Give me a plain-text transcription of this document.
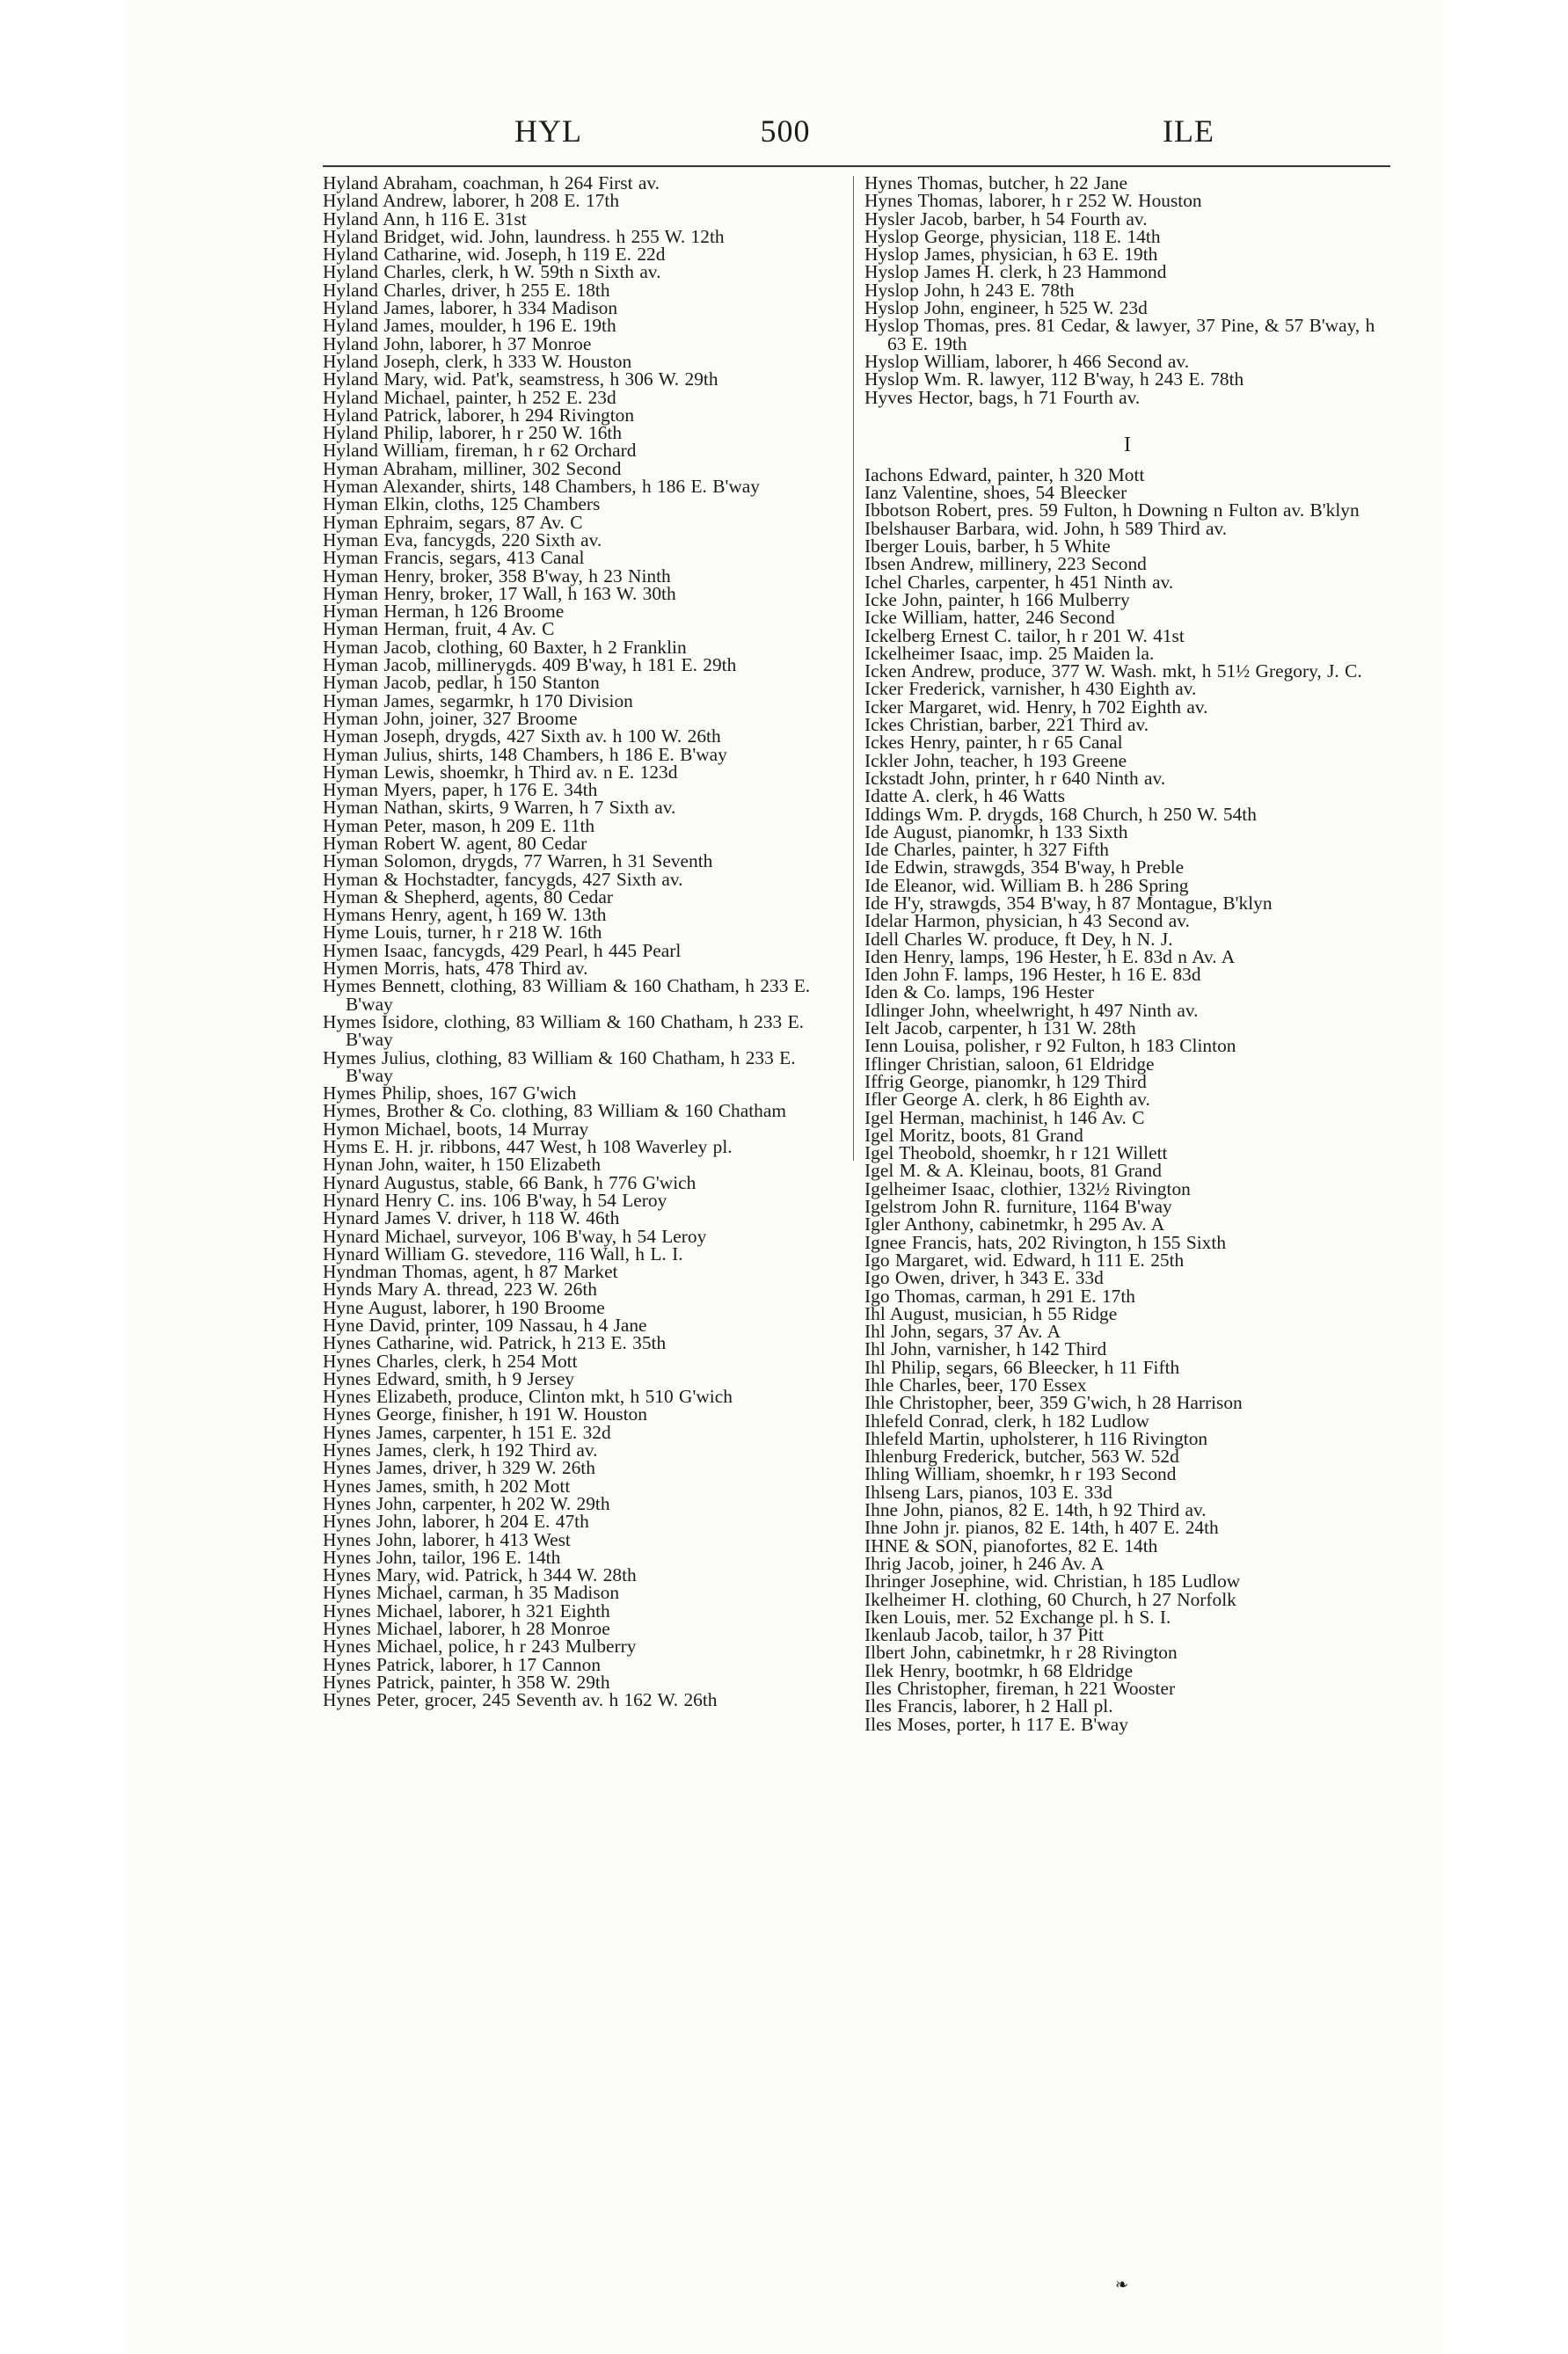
HYL	500	ILE
Hyland Abraham, coachman, h 264 First av.
Hyland Andrew, laborer, h 208 E. 17th
Hyland Ann, h 116 E. 31st
Hyland Bridget, wid. John, laundress. h 255 W. 12th
Hyland Catharine, wid. Joseph, h 119 E. 22d
Hyland Charles, clerk, h W. 59th n Sixth av.
Hyland Charles, driver, h 255 E. 18th
Hyland James, laborer, h 334 Madison
Hyland James, moulder, h 196 E. 19th
Hyland John, laborer, h 37 Monroe
Hyland Joseph, clerk, h 333 W. Houston
Hyland Mary, wid. Pat'k, seamstress, h 306 W. 29th
Hyland Michael, painter, h 252 E. 23d
Hyland Patrick, laborer, h 294 Rivington
Hyland Philip, laborer, h r 250 W. 16th
Hyland William, fireman, h r 62 Orchard
Hyman Abraham, milliner, 302 Second
Hyman Alexander, shirts, 148 Chambers, h 186 E. B'way
Hyman Elkin, cloths, 125 Chambers
Hyman Ephraim, segars, 87 Av. C
Hyman Eva, fancygds, 220 Sixth av.
Hyman Francis, segars, 413 Canal
Hyman Henry, broker, 358 B'way, h 23 Ninth
Hyman Henry, broker, 17 Wall, h 163 W. 30th
Hyman Herman, h 126 Broome
Hyman Herman, fruit, 4 Av. C
Hyman Jacob, clothing, 60 Baxter, h 2 Franklin
Hyman Jacob, millinerygds. 409 B'way, h 181 E. 29th
Hyman Jacob, pedlar, h 150 Stanton
Hyman James, segarmkr, h 170 Division
Hyman John, joiner, 327 Broome
Hyman Joseph, drygds, 427 Sixth av. h 100 W. 26th
Hyman Julius, shirts, 148 Chambers, h 186 E. B'way
Hyman Lewis, shoemkr, h Third av. n E. 123d
Hyman Myers, paper, h 176 E. 34th
Hyman Nathan, skirts, 9 Warren, h 7 Sixth av.
Hyman Peter, mason, h 209 E. 11th
Hyman Robert W. agent, 80 Cedar
Hyman Solomon, drygds, 77 Warren, h 31 Seventh
Hyman & Hochstadter, fancygds, 427 Sixth av.
Hyman & Shepherd, agents, 80 Cedar
Hymans Henry, agent, h 169 W. 13th
Hyme Louis, turner, h r 218 W. 16th
Hymen Isaac, fancygds, 429 Pearl, h 445 Pearl
Hymen Morris, hats, 478 Third av.
Hymes Bennett, clothing, 83 William & 160 Chatham, h 233 E. B'way
Hymes Isidore, clothing, 83 William & 160 Chatham, h 233 E. B'way
Hymes Julius, clothing, 83 William & 160 Chatham, h 233 E. B'way
Hymes Philip, shoes, 167 G'wich
Hymes, Brother & Co. clothing, 83 William & 160 Chatham
Hymon Michael, boots, 14 Murray
Hyms E. H. jr. ribbons, 447 West, h 108 Waverley pl.
Hynan John, waiter, h 150 Elizabeth
Hynard Augustus, stable, 66 Bank, h 776 G'wich
Hynard Henry C. ins. 106 B'way, h 54 Leroy
Hynard James V. driver, h 118 W. 46th
Hynard Michael, surveyor, 106 B'way, h 54 Leroy
Hynard William G. stevedore, 116 Wall, h L. I.
Hyndman Thomas, agent, h 87 Market
Hynds Mary A. thread, 223 W. 26th
Hyne August, laborer, h 190 Broome
Hyne David, printer, 109 Nassau, h 4 Jane
Hynes Catharine, wid. Patrick, h 213 E. 35th
Hynes Charles, clerk, h 254 Mott
Hynes Edward, smith, h 9 Jersey
Hynes Elizabeth, produce, Clinton mkt, h 510 G'wich
Hynes George, finisher, h 191 W. Houston
Hynes James, carpenter, h 151 E. 32d
Hynes James, clerk, h 192 Third av.
Hynes James, driver, h 329 W. 26th
Hynes James, smith, h 202 Mott
Hynes John, carpenter, h 202 W. 29th
Hynes John, laborer, h 204 E. 47th
Hynes John, laborer, h 413 West
Hynes John, tailor, 196 E. 14th
Hynes Mary, wid. Patrick, h 344 W. 28th
Hynes Michael, carman, h 35 Madison
Hynes Michael, laborer, h 321 Eighth
Hynes Michael, laborer, h 28 Monroe
Hynes Michael, police, h r 243 Mulberry
Hynes Patrick, laborer, h 17 Cannon
Hynes Patrick, painter, h 358 W. 29th
Hynes Peter, grocer, 245 Seventh av. h 162 W. 26th
Hynes Thomas, butcher, h 22 Jane
Hynes Thomas, laborer, h r 252 W. Houston
Hysler Jacob, barber, h 54 Fourth av.
Hyslop George, physician, 118 E. 14th
Hyslop James, physician, h 63 E. 19th
Hyslop James H. clerk, h 23 Hammond
Hyslop John, h 243 E. 78th
Hyslop John, engineer, h 525 W. 23d
Hyslop Thomas, pres. 81 Cedar, & lawyer, 37 Pine, & 57 B'way, h 63 E. 19th
Hyslop William, laborer, h 466 Second av.
Hyslop Wm. R. lawyer, 112 B'way, h 243 E. 78th
Hyves Hector, bags, h 71 Fourth av.
I
Iachons Edward, painter, h 320 Mott
Ianz Valentine, shoes, 54 Bleecker
Ibbotson Robert, pres. 59 Fulton, h Downing n Fulton av. B'klyn
Ibelshauser Barbara, wid. John, h 589 Third av.
Iberger Louis, barber, h 5 White
Ibsen Andrew, millinery, 223 Second
Ichel Charles, carpenter, h 451 Ninth av.
Icke John, painter, h 166 Mulberry
Icke William, hatter, 246 Second
Ickelberg Ernest C. tailor, h r 201 W. 41st
Ickelheimer Isaac, imp. 25 Maiden la.
Icken Andrew, produce, 377 W. Wash. mkt, h 51½ Gregory, J. C.
Icker Frederick, varnisher, h 430 Eighth av.
Icker Margaret, wid. Henry, h 702 Eighth av.
Ickes Christian, barber, 221 Third av.
Ickes Henry, painter, h r 65 Canal
Ickler John, teacher, h 193 Greene
Ickstadt John, printer, h r 640 Ninth av.
Idatte A. clerk, h 46 Watts
Iddings Wm. P. drygds, 168 Church, h 250 W. 54th
Ide August, pianomkr, h 133 Sixth
Ide Charles, painter, h 327 Fifth
Ide Edwin, strawgds, 354 B'way, h Preble
Ide Eleanor, wid. William B. h 286 Spring
Ide H'y, strawgds, 354 B'way, h 87 Montague, B'klyn
Idelar Harmon, physician, h 43 Second av.
Idell Charles W. produce, ft Dey, h N. J.
Iden Henry, lamps, 196 Hester, h E. 83d n Av. A
Iden John F. lamps, 196 Hester, h 16 E. 83d
Iden & Co. lamps, 196 Hester
Idlinger John, wheelwright, h 497 Ninth av.
Ielt Jacob, carpenter, h 131 W. 28th
Ienn Louisa, polisher, r 92 Fulton, h 183 Clinton
Iflinger Christian, saloon, 61 Eldridge
Iffrig George, pianomkr, h 129 Third
Ifler George A. clerk, h 86 Eighth av.
Igel Herman, machinist, h 146 Av. C
Igel Moritz, boots, 81 Grand
Igel Theobold, shoemkr, h r 121 Willett
Igel M. & A. Kleinau, boots, 81 Grand
Igelheimer Isaac, clothier, 132½ Rivington
Igelstrom John R. furniture, 1164 B'way
Igler Anthony, cabinetmkr, h 295 Av. A
Ignee Francis, hats, 202 Rivington, h 155 Sixth
Igo Margaret, wid. Edward, h 111 E. 25th
Igo Owen, driver, h 343 E. 33d
Igo Thomas, carman, h 291 E. 17th
Ihl August, musician, h 55 Ridge
Ihl John, segars, 37 Av. A
Ihl John, varnisher, h 142 Third
Ihl Philip, segars, 66 Bleecker, h 11 Fifth
Ihle Charles, beer, 170 Essex
Ihle Christopher, beer, 359 G'wich, h 28 Harrison
Ihlefeld Conrad, clerk, h 182 Ludlow
Ihlefeld Martin, upholsterer, h 116 Rivington
Ihlenburg Frederick, butcher, 563 W. 52d
Ihling William, shoemkr, h r 193 Second
Ihlseng Lars, pianos, 103 E. 33d
Ihne John, pianos, 82 E. 14th, h 92 Third av.
Ihne John jr. pianos, 82 E. 14th, h 407 E. 24th
IHNE & SON, pianofortes, 82 E. 14th
Ihrig Jacob, joiner, h 246 Av. A
Ihringer Josephine, wid. Christian, h 185 Ludlow
Ikelheimer H. clothing, 60 Church, h 27 Norfolk
Iken Louis, mer. 52 Exchange pl. h S. I.
Ikenlaub Jacob, tailor, h 37 Pitt
Ilbert John, cabinetmkr, h r 28 Rivington
Ilek Henry, bootmkr, h 68 Eldridge
Iles Christopher, fireman, h 221 Wooster
Iles Francis, laborer, h 2 Hall pl.
Iles Moses, porter, h 117 E. B'way
❧
